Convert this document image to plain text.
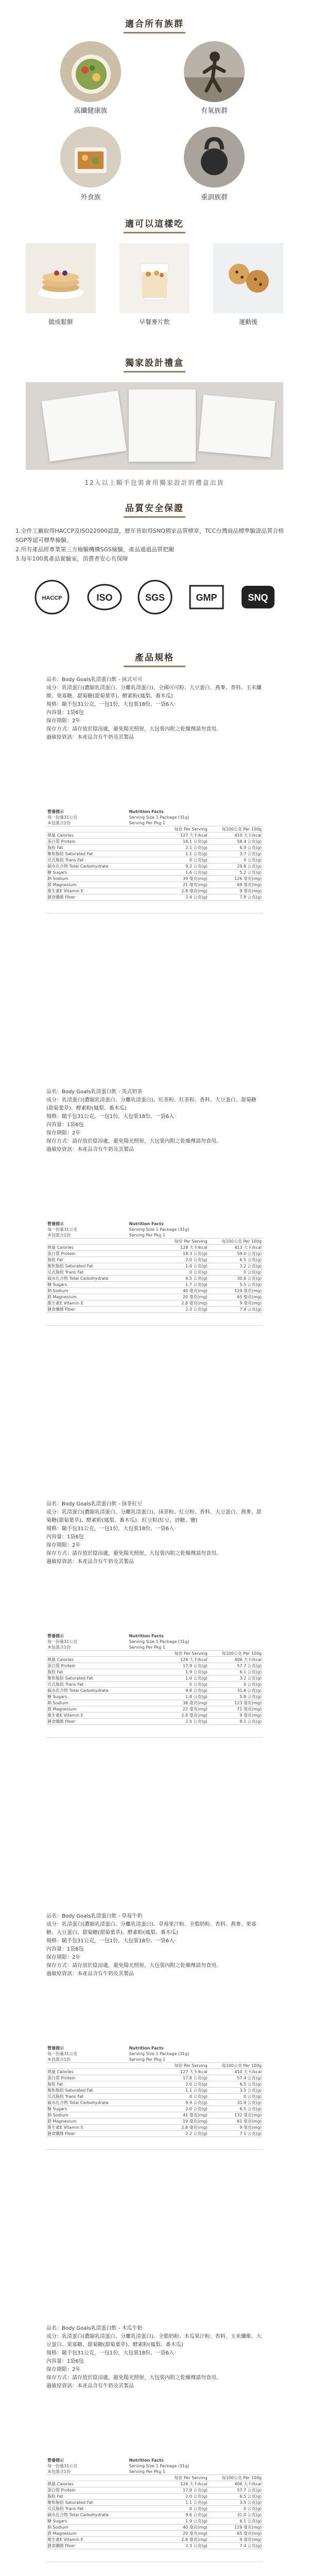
適合所有族群
高纖健康族	有氧族群
外食族	重訓族群
適可以這樣吃
做成鬆餅	早餐麥片飲	運動後
獨家設計禮盒
12入以上顆手包裝會用獨家設計的禮盒出貨
品質安全保證
1.全件工廠取得HACCP及ISO22000認證，歷年皆取得SNQ國家品質標章，TCC台灣商品標準驗證品質合格SGP等認可標準檢驗。
2.所有產品經專業第三方檢驗機構SGS檢驗，產品通過品質把關
3.每年100萬產品實驗室，消費者安心有保障
HACCP	ISO	SGS	GMP	SNQ
產品規格
品名：Body Goals乳清蛋白飲 - 抹式可可
成分：乳清蛋白(濃縮乳清蛋白、分離乳清蛋白)、全國可可粉、大豆蛋白、燕麥、香料、玉米纖維、果寡糖、甜菊糖(甜菊葉萃)、酵素粉(鳳梨、番木瓜)
規格：隨手包31公克，一包1份，大包裝18份。一袋6入·
內容量：1袋6包
保存期限：2年
保存方式：請存放於陰涼處，避免陽光照射，大包裝內附之乾燥劑請勿食用。
過敏原資訊：本產品含有牛奶及其製品
營養標示	Nutrition Facts	
每一份量31公克	Serving Size 1 Package (31g)	
本包裝含1份	Serving Per Pkg 1	
	每份 Per Serving	每100公克 Per 100g
熱量 Calories	127 大卡/kcal	410 大卡/kcal
蛋白質 Protein	18.1 公克(g)	58.4 公克(g)
脂肪 Fat	2.1 公克(g)	6.9 公克(g)
飽和脂肪 Saturated Fat	1.1 公克(g)	3.7 公克(g)
反式脂肪 Trans Fat	0 公克(g)	0 公克(g)
碳水化合物 Total Carbohydrate	9.2 公克(g)	29.8 公克(g)
糖 Sugars	1.6 公克(g)	5.2 公克(g)
鈉 Sodium	39 毫克(mg)	126 毫克(mg)
鎂 Magnesium	21 毫克(mg)	68 毫克(mg)
維生素E Vitamin E	2.8 毫克(mg)	9 毫克(mg)
膳食纖維 Fiber	2.4 公克(g)	7.8 公克(g)
品名：Body Goals乳清蛋白飲 - 英式奶茶
成分：乳清蛋白(濃縮乳清蛋白、分離乳清蛋白)、紅茶粉、紅茶粉、香料、大豆蛋白、甜菊糖(甜菊葉萃)、酵素粉(鳳梨、番木瓜)
規格：隨手包31公克，一包1份，大包裝18份。一袋6入·
內容量：1袋6包
保存期限：2年
保存方式：請存放於陰涼處，避免陽光照射，大包裝內附之乾燥劑請勿食用。
過敏原資訊：本產品含有牛奶及其製品
營養標示	Nutrition Facts	
每一份量31公克	Serving Size 1 Package (31g)	
本包裝含1份	Serving Per Pkg 1	
	每份 Per Serving	每100公克 Per 100g
熱量 Calories	128 大卡/kcal	413 大卡/kcal
蛋白質 Protein	18.3 公克(g)	59.0 公克(g)
脂肪 Fat	2.0 公克(g)	6.5 公克(g)
飽和脂肪 Saturated Fat	1.0 公克(g)	3.2 公克(g)
反式脂肪 Trans Fat	0 公克(g)	0 公克(g)
碳水化合物 Total Carbohydrate	9.5 公克(g)	30.6 公克(g)
糖 Sugars	1.7 公克(g)	5.5 公克(g)
鈉 Sodium	40 毫克(mg)	129 毫克(mg)
鎂 Magnesium	20 毫克(mg)	65 毫克(mg)
維生素E Vitamin E	2.8 毫克(mg)	9 毫克(mg)
膳食纖維 Fiber	2.3 公克(g)	7.4 公克(g)
品名：Body Goals乳清蛋白飲 - 抹茶紅豆
成分：乳清蛋白(濃縮乳清蛋白、分離乳清蛋白)、抹茶粉、紅豆粉、香料、大豆蛋白、燕麥、甜菊糖(甜菊葉萃)、酵素粉(鳳梨、番木瓜)、紅豆粒(紅豆、砂糖、鹽)
規格：隨手包31公克，一包1份，大包裝18份。一袋6入·
內容量：1袋6包
保存期限：2年
保存方式：請存放於陰涼處，避免陽光照射，大包裝內附之乾燥劑請勿食用。
過敏原資訊：本產品含有牛奶及其製品
營養標示	Nutrition Facts	
每一份量31公克	Serving Size 1 Package (31g)	
本包裝含1份	Serving Per Pkg 1	
	每份 Per Serving	每100公克 Per 100g
熱量 Calories	126 大卡/kcal	406 大卡/kcal
蛋白質 Protein	17.9 公克(g)	57.7 公克(g)
脂肪 Fat	1.9 公克(g)	6.1 公克(g)
飽和脂肪 Saturated Fat	1.0 公克(g)	3.2 公克(g)
反式脂肪 Trans Fat	0 公克(g)	0 公克(g)
碳水化合物 Total Carbohydrate	9.8 公克(g)	31.6 公克(g)
糖 Sugars	1.8 公克(g)	5.8 公克(g)
鈉 Sodium	38 毫克(mg)	123 毫克(mg)
鎂 Magnesium	22 毫克(mg)	71 毫克(mg)
維生素E Vitamin E	2.8 毫克(mg)	9 毫克(mg)
膳食纖維 Fiber	2.5 公克(g)	8.1 公克(g)
品名：Body Goals乳清蛋白飲 - 草莓牛奶
成分：乳清蛋白(濃縮乳清蛋白、分離乳清蛋白)、草莓果汁粉、全脂奶粉、香料、燕麥、果寡糖、大豆蛋白、甜菊糖(甜菊葉萃)、酵素粉(鳳梨、番木瓜)
規格：隨手包31公克，一包1份，大包裝18份。一袋6入·
內容量：1袋6包
保存期限：2年
保存方式：請存放於陰涼處，避免陽光照射，大包裝內附之乾燥劑請勿食用。
過敏原資訊：本產品含有牛奶及其製品
營養標示	Nutrition Facts	
每一份量31公克	Serving Size 1 Package (31g)	
本包裝含1份	Serving Per Pkg 1	
	每份 Per Serving	每100公克 Per 100g
熱量 Calories	127 大卡/kcal	410 大卡/kcal
蛋白質 Protein	17.8 公克(g)	57.4 公克(g)
脂肪 Fat	2.0 公克(g)	6.5 公克(g)
飽和脂肪 Saturated Fat	1.1 公克(g)	3.5 公克(g)
反式脂肪 Trans Fat	0 公克(g)	0 公克(g)
碳水化合物 Total Carbohydrate	9.9 公克(g)	31.9 公克(g)
糖 Sugars	2.0 公克(g)	6.5 公克(g)
鈉 Sodium	41 毫克(mg)	132 毫克(mg)
鎂 Magnesium	19 毫克(mg)	61 毫克(mg)
維生素E Vitamin E	2.8 毫克(mg)	9 毫克(mg)
膳食纖維 Fiber	2.2 公克(g)	7.1 公克(g)
品名：Body Goals乳清蛋白飲 - 木瓜牛奶
成分：乳清蛋白(濃縮乳清蛋白、分離乳清蛋白)、全脂奶粉、木瓜果汁粉、香料、玉米纖維、大豆蛋白、果寡糖、甜菊糖(甜菊葉萃)、酵素粉(鳳梨、番木瓜)
規格：隨手包31公克，一包1份，大包裝18份。一袋6入·
內容量：1袋6包
保存期限：2年
保存方式：請存放於陰涼處，避免陽光照射，大包裝內附之乾燥劑請勿食用。
過敏原資訊：本產品含有牛奶及其製品
營養標示	Nutrition Facts	
每一份量31公克	Serving Size 1 Package (31g)	
本包裝含1份	Serving Per Pkg 1	
	每份 Per Serving	每100公克 Per 100g
熱量 Calories	126 大卡/kcal	406 大卡/kcal
蛋白質 Protein	17.9 公克(g)	57.7 公克(g)
脂肪 Fat	2.0 公克(g)	6.5 公克(g)
飽和脂肪 Saturated Fat	1.1 公克(g)	3.5 公克(g)
反式脂肪 Trans Fat	0 公克(g)	0 公克(g)
碳水化合物 Total Carbohydrate	9.6 公克(g)	31.0 公克(g)
糖 Sugars	1.9 公克(g)	6.1 公克(g)
鈉 Sodium	40 毫克(mg)	129 毫克(mg)
鎂 Magnesium	20 毫克(mg)	65 毫克(mg)
維生素E Vitamin E	2.8 毫克(mg)	9 毫克(mg)
膳食纖維 Fiber	2.3 公克(g)	7.4 公克(g)
